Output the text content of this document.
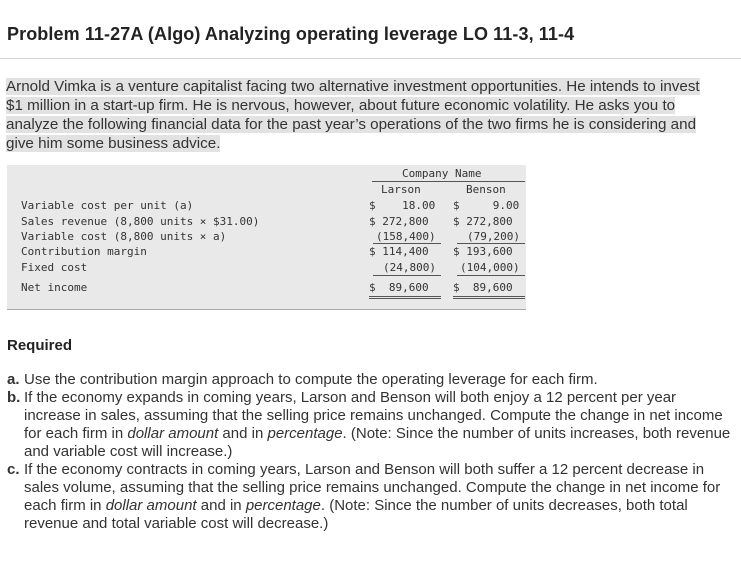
Problem 11-27A (Algo) Analyzing operating leverage LO 11-3, 11-4
Arnold Vimka is a venture capitalist facing two alternative investment opportunities. He intends to invest
$1 million in a start-up firm. He is nervous, however, about future economic volatility. He asks you to
analyze the following financial data for the past year’s operations of the two firms he is considering and
give him some business advice.
Company Name
Larson	Benson
Variable cost per unit (a)
Sales revenue (8,800 units × $31.00)
Variable cost (8,800 units × a)
Contribution margin
Fixed cost
Net income
$    18.00
$ 272,800
(158,400)
$ 114,400
(24,800)
$  89,600
$     9.00
$ 272,800
(79,200)
$ 193,600
(104,000)
$  89,600
Required
a. Use the contribution margin approach to compute the operating leverage for each firm.
b. If the economy expands in coming years, Larson and Benson will both enjoy a 12 percent per year increase in sales, assuming that the selling price remains unchanged. Compute the change in net income for each firm in dollar amount and in percentage. (Note: Since the number of units increases, both revenue and variable cost will increase.)
c. If the economy contracts in coming years, Larson and Benson will both suffer a 12 percent decrease in sales volume, assuming that the selling price remains unchanged. Compute the change in net income for each firm in dollar amount and in percentage. (Note: Since the number of units decreases, both total revenue and total variable cost will decrease.)
